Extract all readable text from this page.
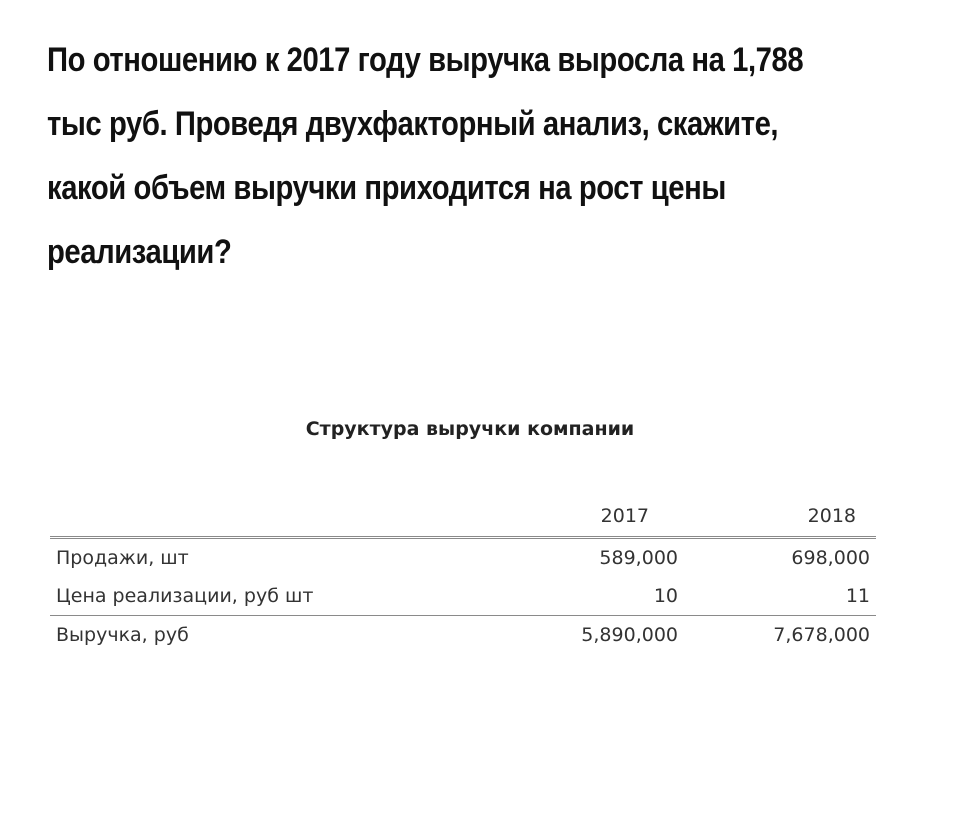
По отношению к 2017 году выручка выросла на 1,788 тыс руб. Проведя двухфакторный анализ, скажите, какой объем выручки приходится на рост цены реализации?

Структура выручки компании
	2017	2018
Продажи, шт	589,000	698,000
Цена реализации, руб шт	10	11
Выручка, руб	5,890,000	7,678,000
